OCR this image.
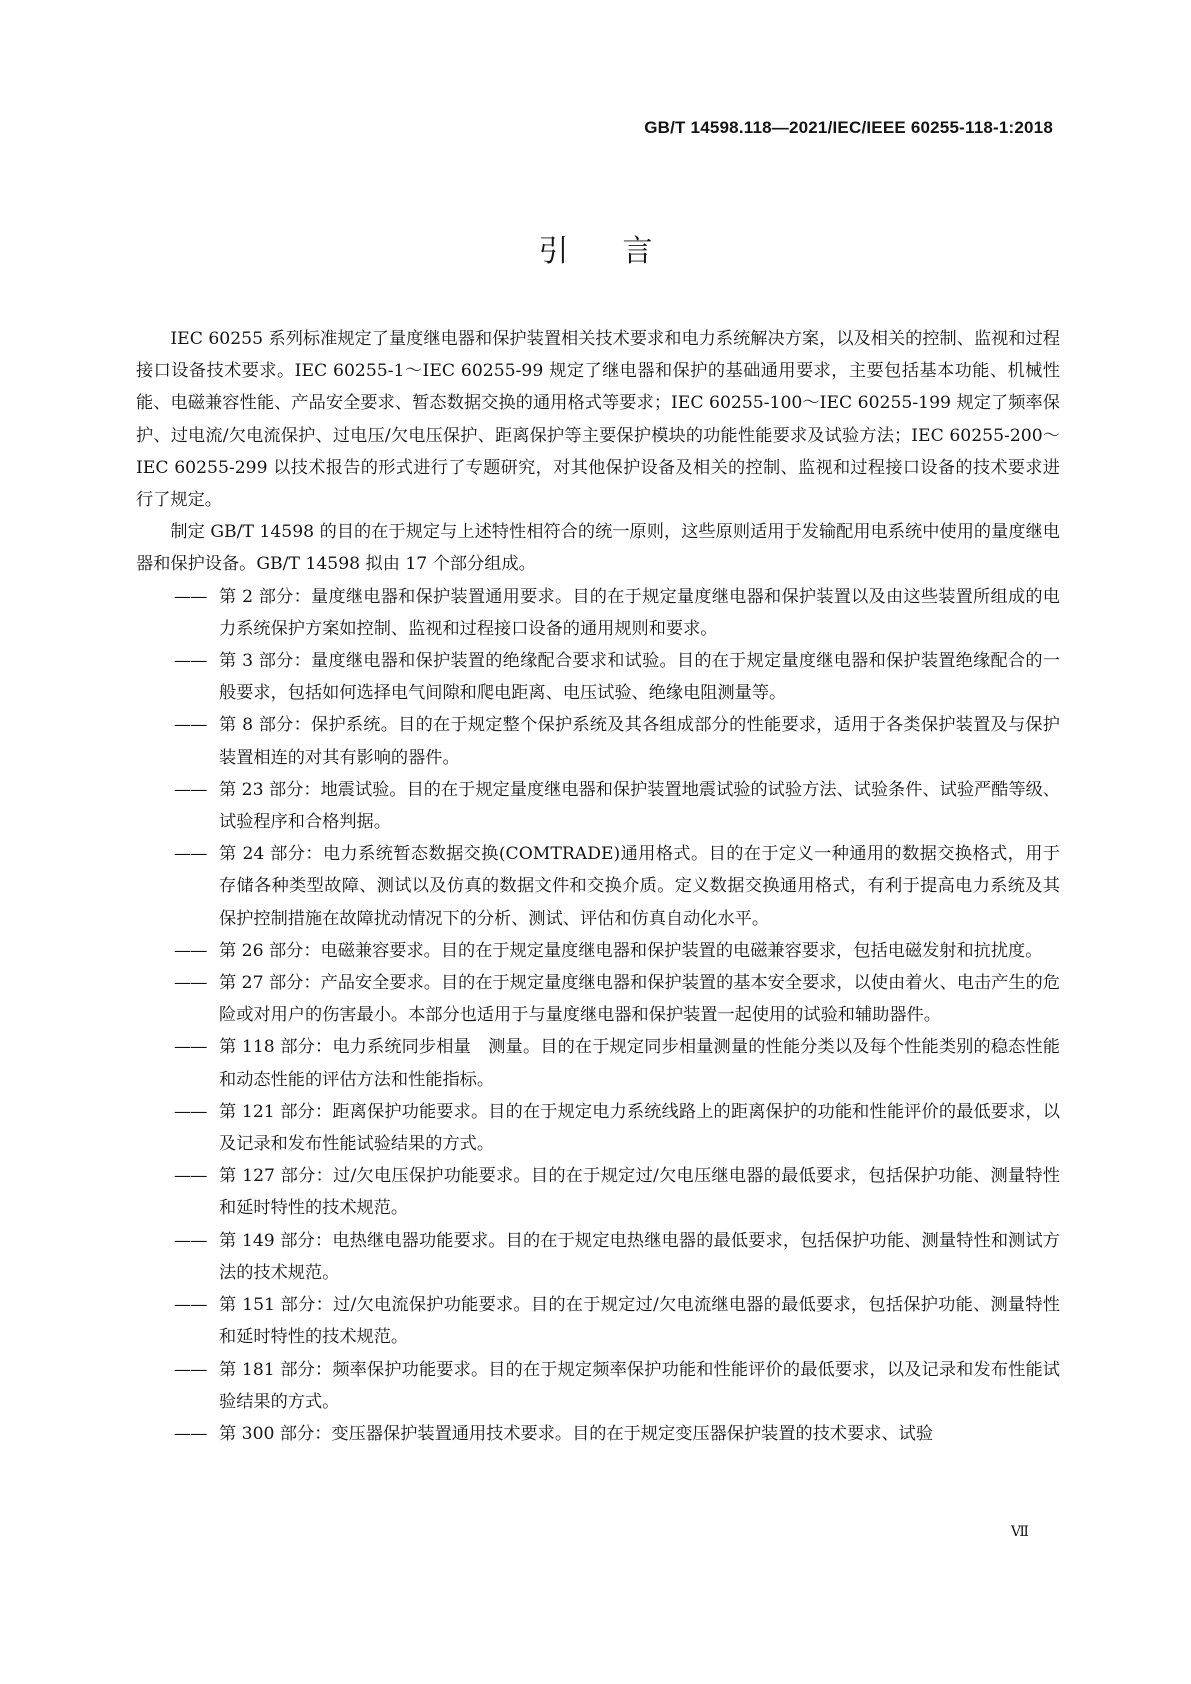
GB/T 14598.118—2021/IEC/IEEE 60255-118-1:2018
引言

IEC 60255 系列标准规定了量度继电器和保护装置相关技术要求和电力系统解决方案，以及相关的控制、监视和过程接口设备技术要求。IEC 60255-1～IEC 60255-99 规定了继电器和保护的基础通用要求，主要包括基本功能、机械性能、电磁兼容性能、产品安全要求、暂态数据交换的通用格式等要求；IEC 60255-100～IEC 60255-199 规定了频率保护、过电流/欠电流保护、过电压/欠电压保护、距离保护等主要保护模块的功能性能要求及试验方法；IEC 60255-200～IEC 60255-299 以技术报告的形式进行了专题研究，对其他保护设备及相关的控制、监视和过程接口设备的技术要求进行了规定。

制定 GB/T 14598 的目的在于规定与上述特性相符合的统一原则，这些原则适用于发输配用电系统中使用的量度继电器和保护设备。GB/T 14598 拟由 17 个部分组成。

—— 第 2 部分：量度继电器和保护装置通用要求。目的在于规定量度继电器和保护装置以及由这些装置所组成的电力系统保护方案如控制、监视和过程接口设备的通用规则和要求。

—— 第 3 部分：量度继电器和保护装置的绝缘配合要求和试验。目的在于规定量度继电器和保护装置绝缘配合的一般要求，包括如何选择电气间隙和爬电距离、电压试验、绝缘电阻测量等。

—— 第 8 部分：保护系统。目的在于规定整个保护系统及其各组成部分的性能要求，适用于各类保护装置及与保护装置相连的对其有影响的器件。

—— 第 23 部分：地震试验。目的在于规定量度继电器和保护装置地震试验的试验方法、试验条件、试验严酷等级、试验程序和合格判据。

—— 第 24 部分：电力系统暂态数据交换(COMTRADE)通用格式。目的在于定义一种通用的数据交换格式，用于存储各种类型故障、测试以及仿真的数据文件和交换介质。定义数据交换通用格式，有利于提高电力系统及其保护控制措施在故障扰动情况下的分析、测试、评估和仿真自动化水平。

—— 第 26 部分：电磁兼容要求。目的在于规定量度继电器和保护装置的电磁兼容要求，包括电磁发射和抗扰度。

—— 第 27 部分：产品安全要求。目的在于规定量度继电器和保护装置的基本安全要求，以使由着火、电击产生的危险或对用户的伤害最小。本部分也适用于与量度继电器和保护装置一起使用的试验和辅助器件。

—— 第 118 部分：电力系统同步相量　测量。目的在于规定同步相量测量的性能分类以及每个性能类别的稳态性能和动态性能的评估方法和性能指标。

—— 第 121 部分：距离保护功能要求。目的在于规定电力系统线路上的距离保护的功能和性能评价的最低要求，以及记录和发布性能试验结果的方式。

—— 第 127 部分：过/欠电压保护功能要求。目的在于规定过/欠电压继电器的最低要求，包括保护功能、测量特性和延时特性的技术规范。

—— 第 149 部分：电热继电器功能要求。目的在于规定电热继电器的最低要求，包括保护功能、测量特性和测试方法的技术规范。

—— 第 151 部分：过/欠电流保护功能要求。目的在于规定过/欠电流继电器的最低要求，包括保护功能、测量特性和延时特性的技术规范。

—— 第 181 部分：频率保护功能要求。目的在于规定频率保护功能和性能评价的最低要求，以及记录和发布性能试验结果的方式。

—— 第 300 部分：变压器保护装置通用技术要求。目的在于规定变压器保护装置的技术要求、试验

Ⅶ
